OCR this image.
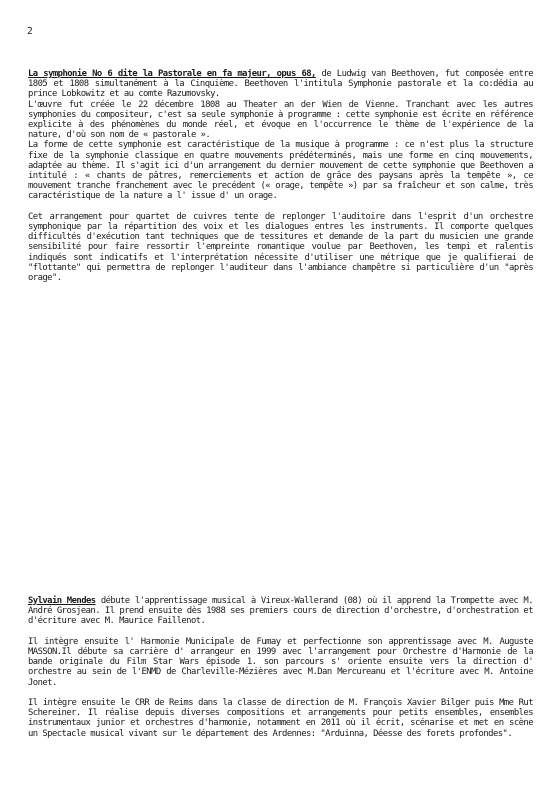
2

La symphonie No 6 dite la Pastorale en fa majeur, opus 68, de Ludwig van Beethoven, fut composée entre 1805 et 1808 simultanément à la Cinquième. Beethoven l'intitula Symphonie pastorale et la co:dédia au prince Lobkowitz et au comte Razumovsky.

L'œuvre fut créée le 22 décembre 1808 au Theater an der Wien de Vienne. Tranchant avec les autres symphonies du compositeur, c'est sa seule symphonie à programme : cette symphonie est écrite en référence explicite à des phénomènes du monde réel, et évoque en l'occurrence le thème de l'expérience de la nature, d'où son nom de « pastorale ».

La forme de cette symphonie est caractéristique de la musique à programme : ce n'est plus la structure fixe de la symphonie classique en quatre mouvements prédéterminés, mais une forme en cinq mouvements, adaptée au thème. Il s'agit ici d'un arrangement du dernier mouvement de cette symphonie que Beethoven a intitulé : « chants de pâtres, remerciements et action de grâce des paysans après la tempête », ce mouvement tranche franchement avec le precédent (« orage, tempête ») par sa fraîcheur et son calme, très caractéristique de la nature a l' issue d' un orage.

Cet arrangement pour quartet de cuivres tente de replonger l'auditoire dans l'esprit d'un orchestre symphonique par la répartition des voix et les dialogues entres les instruments. Il comporte quelques difficultés d'exécution tant techniques que de tessitures et demande de la part du musicien une grande sensibilité pour faire ressortir l'empreinte romantique voulue par Beethoven, les tempi et ralentis indiqués sont indicatifs et l'interprétation nécessite d'utiliser une métrique que je qualifierai de "flottante" qui permettra de replonger l'auditeur dans l'ambiance champêtre si particulière d'un "après orage".

Sylvain Mendes débute l'apprentissage musical à Vireux-Wallerand (08) où il apprend la Trompette avec M. André Grosjean. Il prend ensuite dès 1988 ses premiers cours de direction d'orchestre, d'orchestration et d'écriture avec M. Maurice Faillenot.

Il intègre ensuite l' Harmonie Municipale de Fumay et perfectionne son apprentissage avec M. Auguste MASSON.Il débute sa carrière d' arrangeur en 1999 avec l'arrangement pour Orchestre d'Harmonie de la bande originale du Film Star Wars épisode 1. son parcours s' oriente ensuite vers la direction d' orchestre au sein de l'ENMD de Charleville-Mézières avec M.Dan Mercureanu et l'écriture avec M. Antoine Jonet.

Il intègre ensuite le CRR de Reims dans la classe de direction de M. François Xavier Bilger puis Mme Rut Schereiner. Il réalise depuis diverses compositions et arrangements pour petits ensembles, ensembles instrumentaux junior et orchestres d'harmonie, notamment en 2011 où il écrit, scénarise et met en scène un Spectacle musical vivant sur le département des Ardennes: "Arduinna, Déesse des forets profondes".
